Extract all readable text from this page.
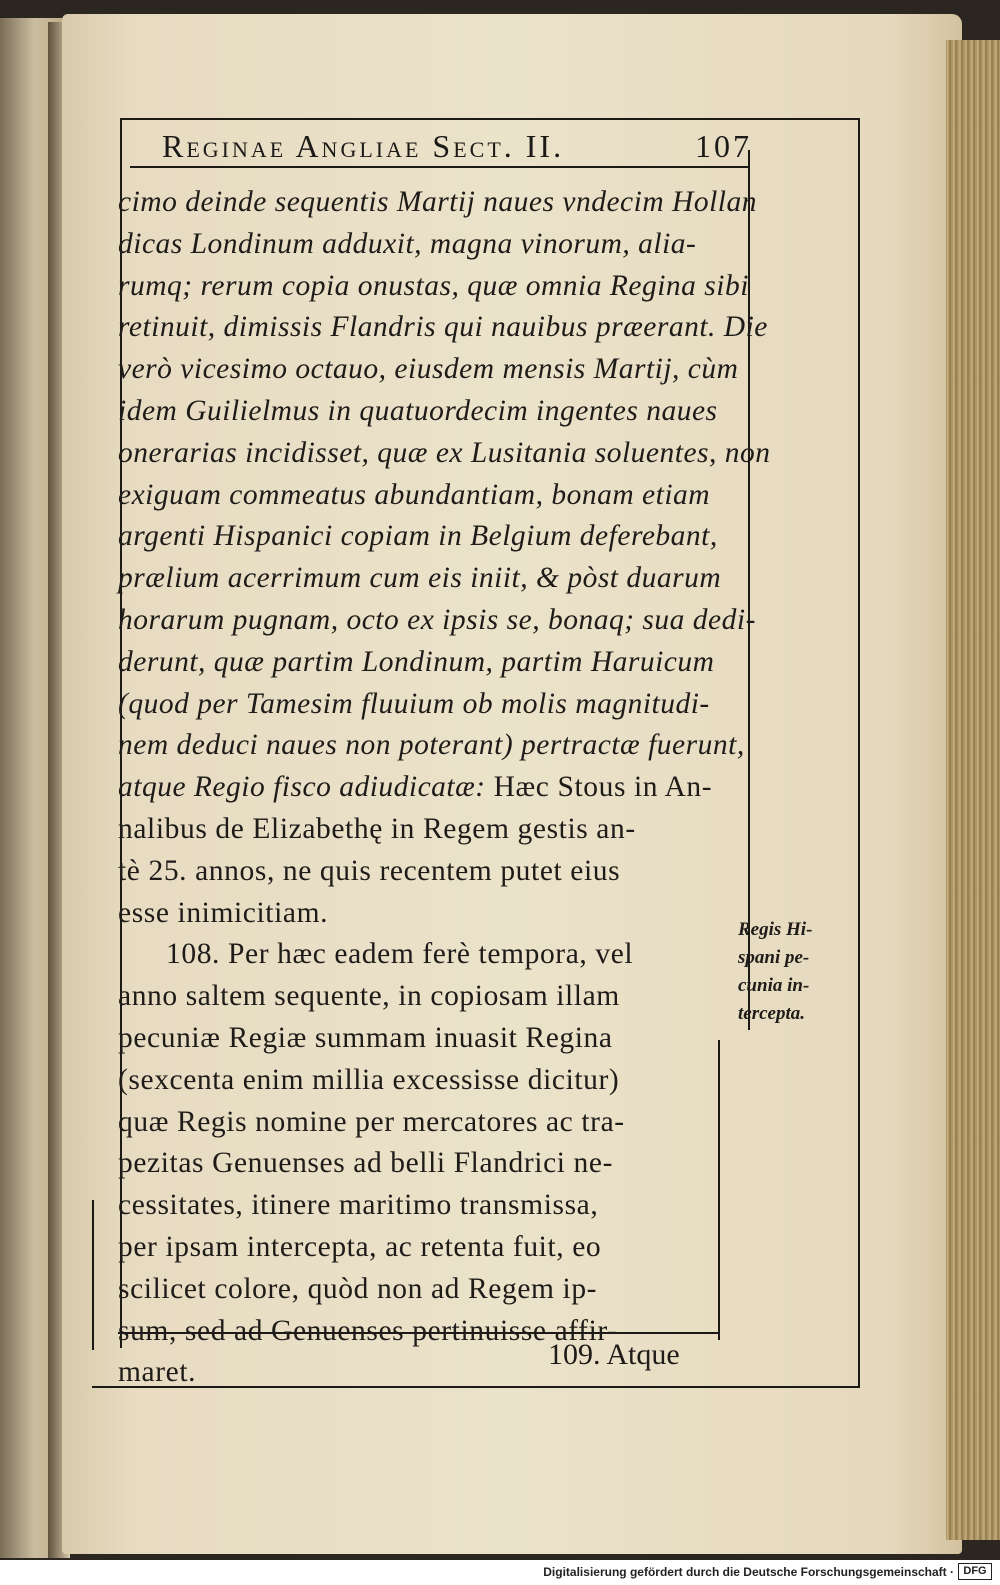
Reginae Angliae Sect. II.	107
cimo deinde sequentis Martij naues vndecim Hollan
dicas Londinum adduxit, magna vinorum, alia-
rumq; rerum copia onustas, quæ omnia Regina sibi
retinuit, dimissis Flandris qui nauibus præerant. Die
verò vicesimo octauo, eiusdem mensis Martij, cùm
idem Guilielmus in quatuordecim ingentes naues
onerarias incidisset, quæ ex Lusitania soluentes, non
exiguam commeatus abundantiam, bonam etiam
argenti Hispanici copiam in Belgium deferebant,
prælium acerrimum cum eis iniit, & pòst duarum
horarum pugnam, octo ex ipsis se, bonaq; sua dedi-
derunt, quæ partim Londinum, partim Haruicum
(quod per Tamesim fluuium ob molis magnitudi-
nem deduci naues non poterant) pertractæ fuerunt,
atque Regio fisco adiudicatæ: Hæc Stous in An-
nalibus de Elizabethę in Regem gestis an-
tè 25. annos, ne quis recentem putet eius
esse inimicitiam.
108. Per hæc eadem ferè tempora, vel
anno saltem sequente, in copiosam illam
pecuniæ Regiæ summam inuasit Regina
(sexcenta enim millia excessisse dicitur)
quæ Regis nomine per mercatores ac tra-
pezitas Genuenses ad belli Flandrici ne-
cessitates, itinere maritimo transmissa,
per ipsam intercepta, ac retenta fuit, eo
scilicet colore, quòd non ad Regem ip-
sum, sed ad Genuenses pertinuisse affir-
maret.
Regis Hi-
spani pe-
cunia in-
tercepta.
109. Atque
Digitalisierung gefördert durch die Deutsche Forschungsgemeinschaft · DFG
